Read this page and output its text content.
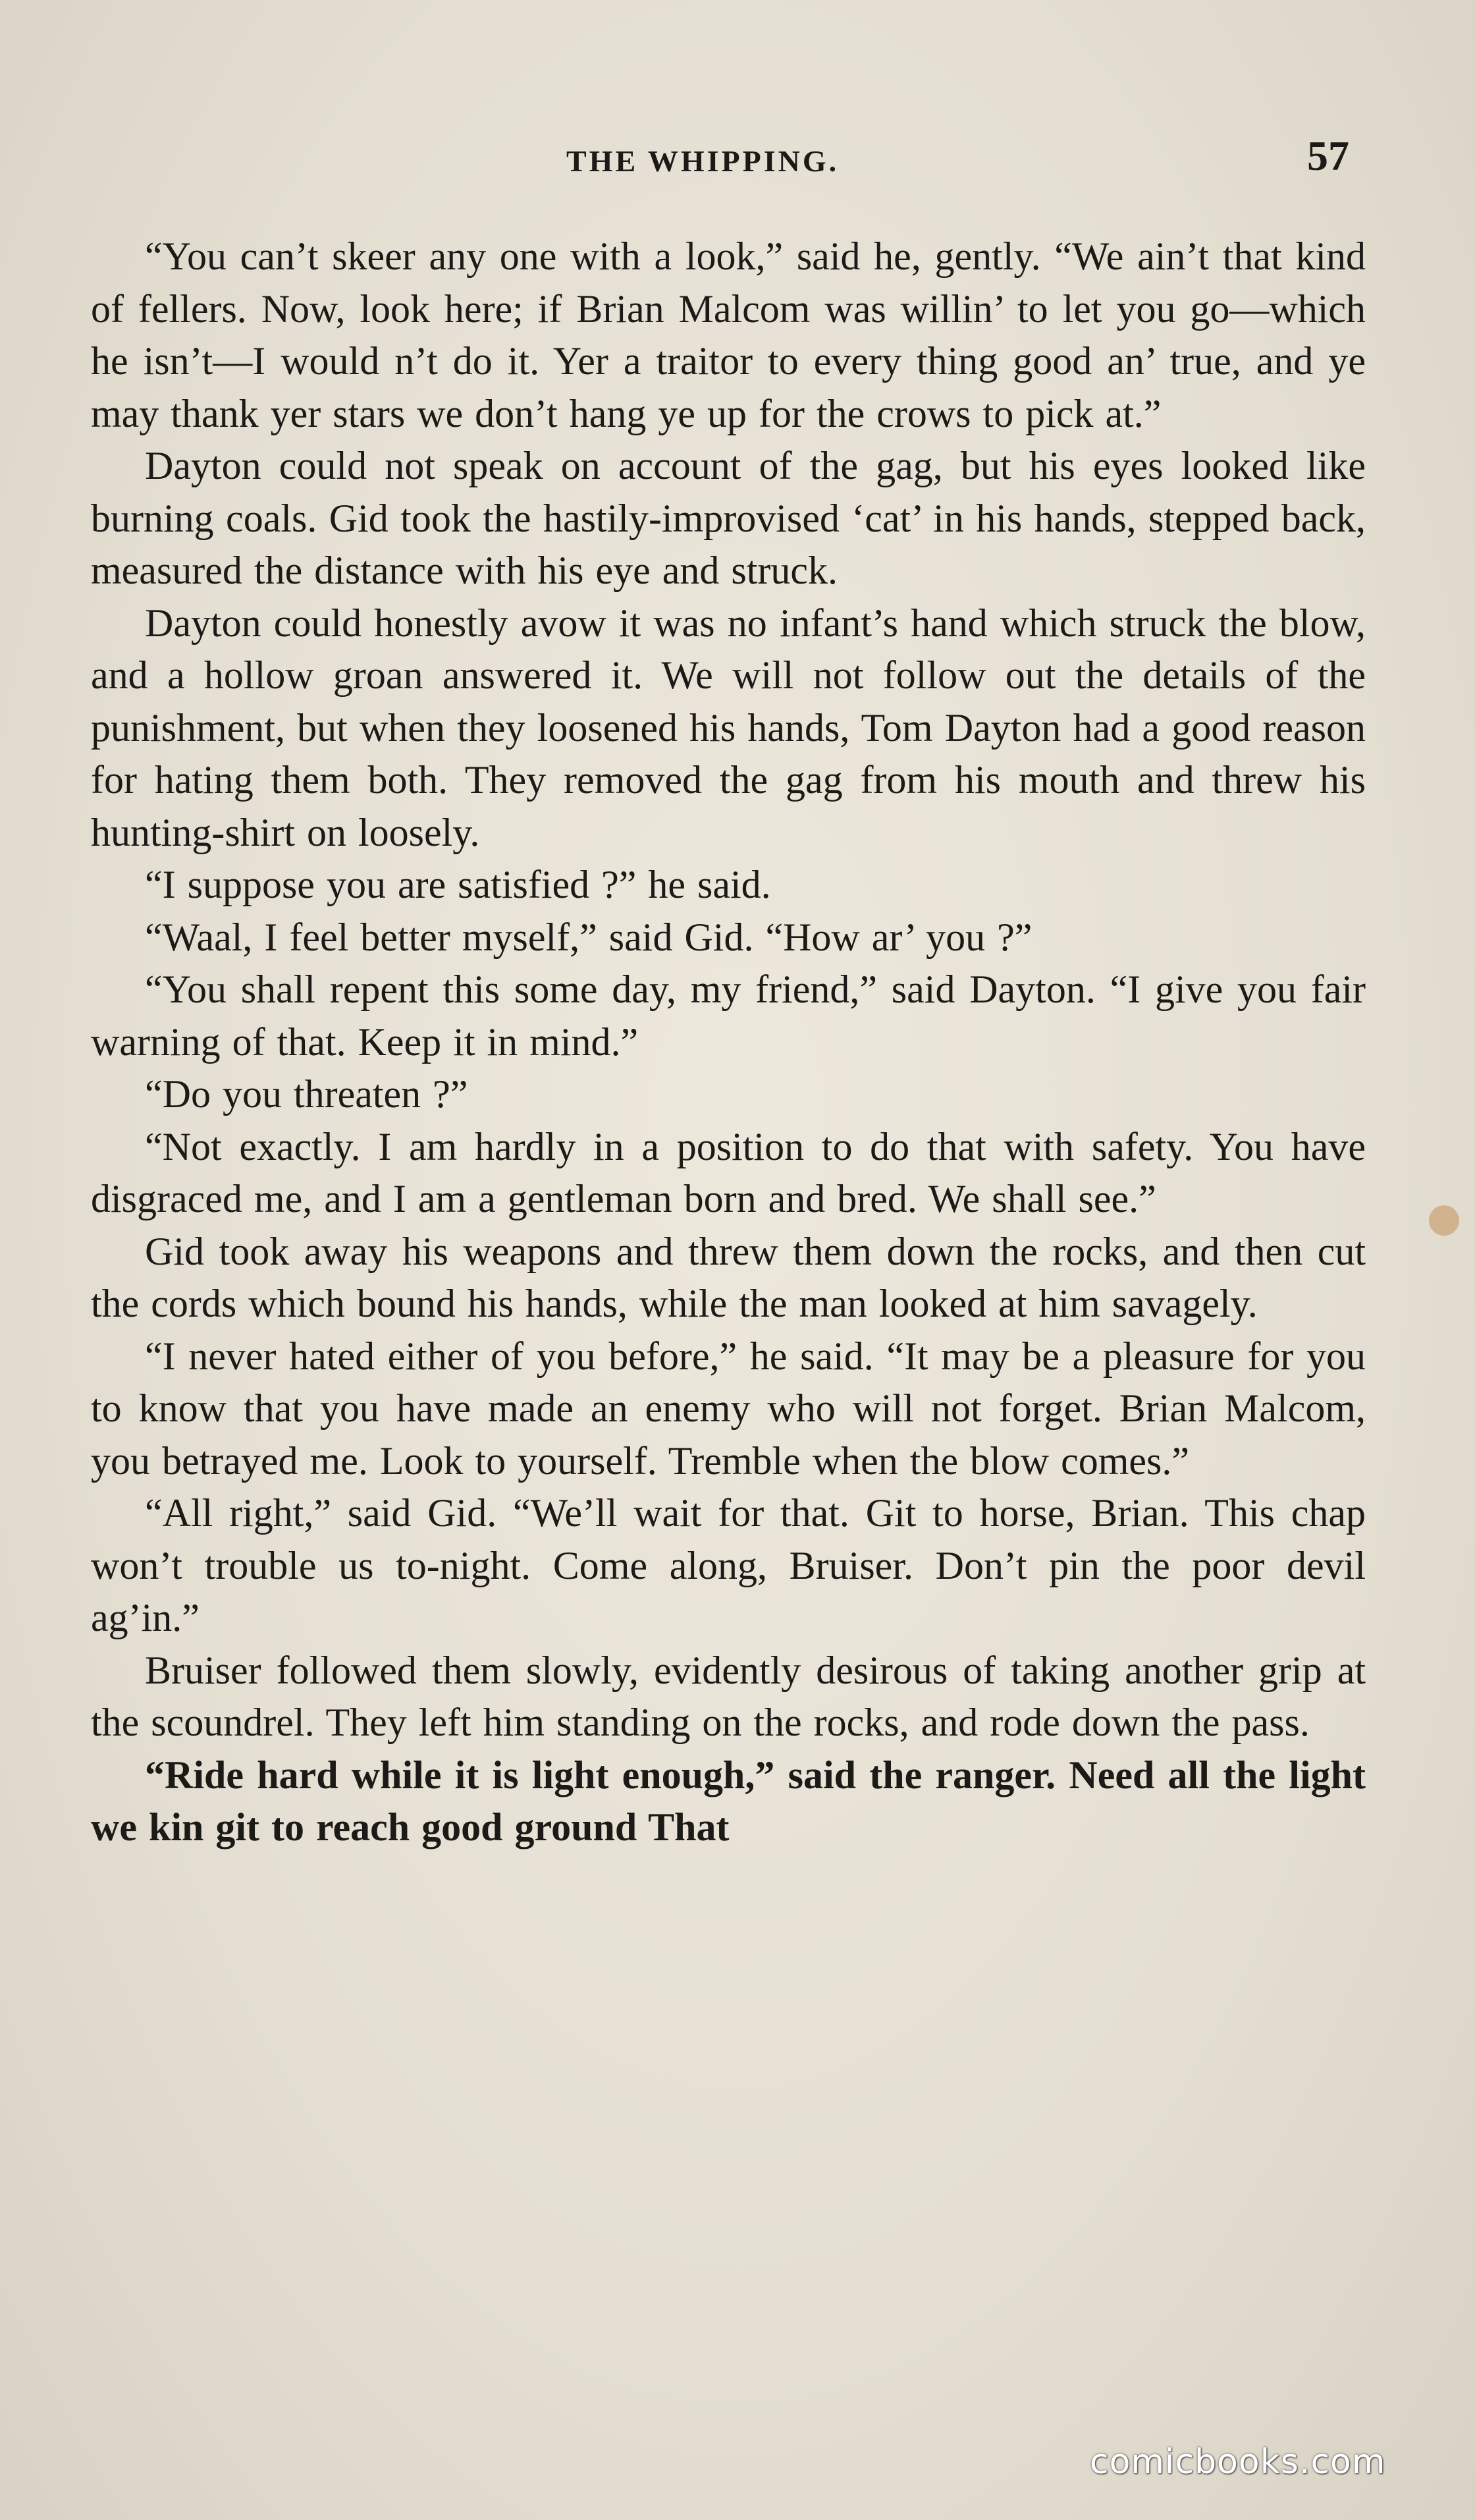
THE WHIPPING.	57

“You can’t skeer any one with a look,” said he, gently. “We ain’t that kind of fellers. Now, look here; if Brian Malcom was willin’ to let you go—which he isn’t—I would n’t do it. Yer a traitor to every thing good an’ true, and ye may thank yer stars we don’t hang ye up for the crows to pick at.”

Dayton could not speak on account of the gag, but his eyes looked like burning coals. Gid took the hastily-improvised ‘cat’ in his hands, stepped back, measured the distance with his eye and struck.

Dayton could honestly avow it was no infant’s hand which struck the blow, and a hollow groan answered it. We will not follow out the details of the punishment, but when they loosened his hands, Tom Dayton had a good reason for hating them both. They removed the gag from his mouth and threw his hunting-shirt on loosely.

“I suppose you are satisfied ?” he said.

“Waal, I feel better myself,” said Gid. “How ar’ you ?”

“You shall repent this some day, my friend,” said Dayton. “I give you fair warning of that. Keep it in mind.”

“Do you threaten ?”

“Not exactly. I am hardly in a position to do that with safety. You have disgraced me, and I am a gentleman born and bred. We shall see.”

Gid took away his weapons and threw them down the rocks, and then cut the cords which bound his hands, while the man looked at him savagely.

“I never hated either of you before,” he said. “It may be a pleasure for you to know that you have made an enemy who will not forget. Brian Malcom, you betrayed me. Look to yourself. Tremble when the blow comes.”

“All right,” said Gid. “We’ll wait for that. Git to horse, Brian. This chap won’t trouble us to-night. Come along, Bruiser. Don’t pin the poor devil ag’in.”

Bruiser followed them slowly, evidently desirous of taking another grip at the scoundrel. They left him standing on the rocks, and rode down the pass.

“Ride hard while it is light enough,” said the ranger. Need all the light we kin git to reach good ground That

comicbooks.com
